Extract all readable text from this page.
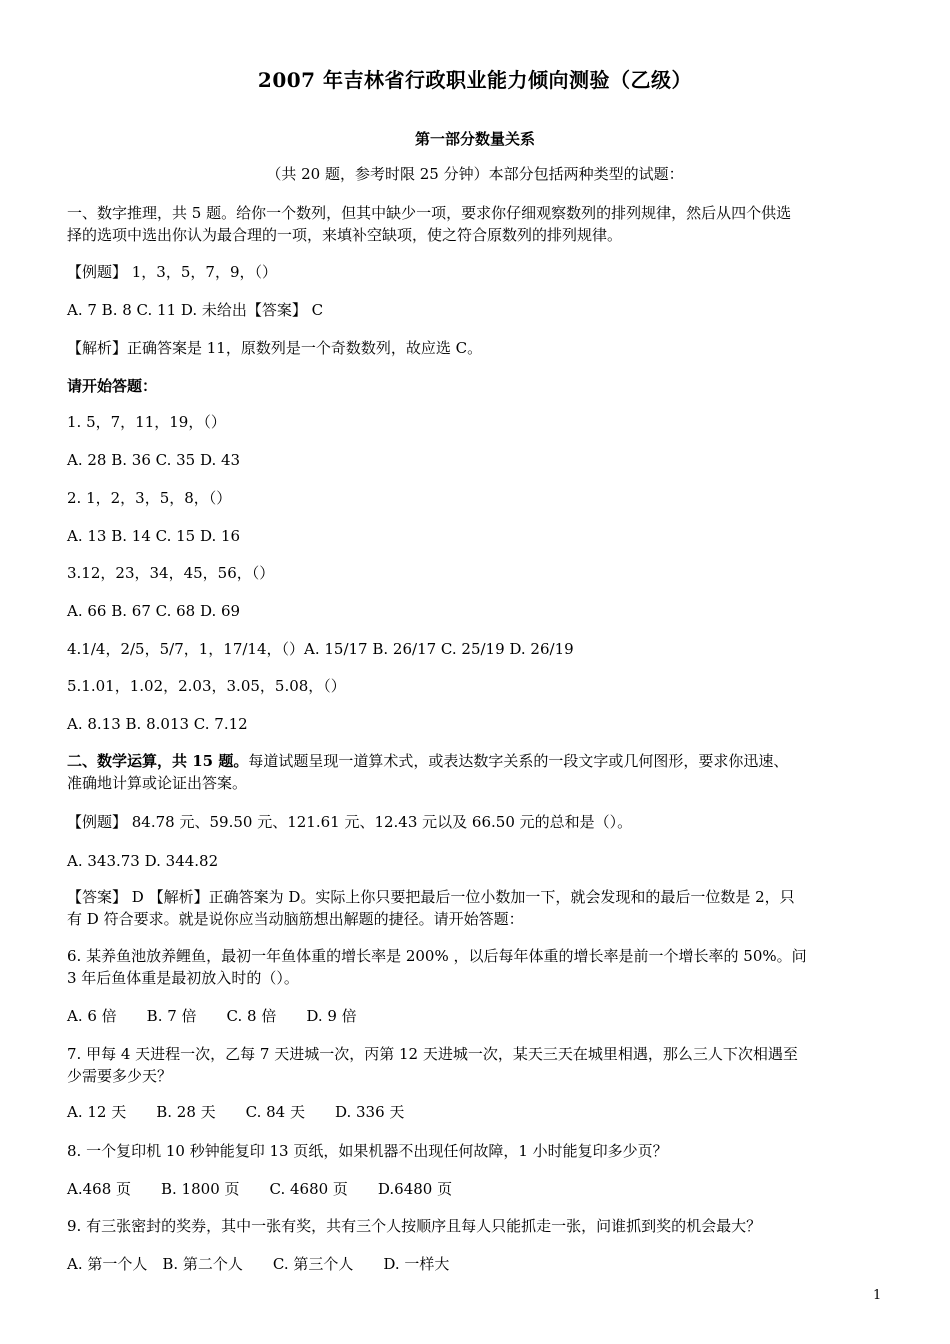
2007 年吉林省行政职业能力倾向测验（乙级）
第一部分数量关系
（共 20 题，参考时限 25 分钟）本部分包括两种类型的试题：
一、数字推理，共 5 题。给你一个数列，但其中缺少一项，要求你仔细观察数列的排列规律，然后从四个供选
择的选项中选出你认为最合理的一项，来填补空缺项，使之符合原数列的排列规律。
【例题】 1，3，5，7，9，（）
A. 7 B. 8 C. 11 D. 未给出【答案】 C
【解析】正确答案是 11，原数列是一个奇数数列，故应选 C。
请开始答题：
1. 5，7，11，19，（）
A. 28 B. 36 C. 35 D. 43
2. 1，2，3，5，8，（）
A. 13 B. 14 C. 15 D. 16
3.12，23，34，45，56，（）
A. 66 B. 67 C. 68 D. 69
4.1/4，2/5，5/7，1，17/14，（）A. 15/17 B. 26/17 C. 25/19 D. 26/19
5.1.01，1.02，2.03，3.05，5.08，（）
A. 8.13 B. 8.013 C. 7.12
二、数学运算，共 15 题。每道试题呈现一道算术式，或表达数字关系的一段文字或几何图形，要求你迅速、
准确地计算或论证出答案。
【例题】 84.78 元、59.50 元、121.61 元、12.43 元以及 66.50 元的总和是（）。
A. 343.73 D. 344.82
【答案】 D 【解析】正确答案为 D。实际上你只要把最后一位小数加一下，就会发现和的最后一位数是 2，只
有 D 符合要求。就是说你应当动脑筋想出解题的捷径。请开始答题：
6. 某养鱼池放养鲤鱼，最初一年鱼体重的增长率是 200% ，以后每年体重的增长率是前一个增长率的 50%。问
3 年后鱼体重是最初放入时的（）。
A. 6 倍　　B. 7 倍　　C. 8 倍　　D. 9 倍
7. 甲每 4 天进程一次，乙每 7 天进城一次，丙第 12 天进城一次，某天三天在城里相遇，那么三人下次相遇至
少需要多少天？
A. 12 天　　B. 28 天　　C. 84 天　　D. 336 天
8. 一个复印机 10 秒钟能复印 13 页纸，如果机器不出现任何故障，1 小时能复印多少页？
A.468 页　　B. 1800 页　　C. 4680 页　　D.6480 页
9. 有三张密封的奖券，其中一张有奖，共有三个人按顺序且每人只能抓走一张，问谁抓到奖的机会最大？
A. 第一个人　B. 第二个人　　C. 第三个人　　D. 一样大
1
